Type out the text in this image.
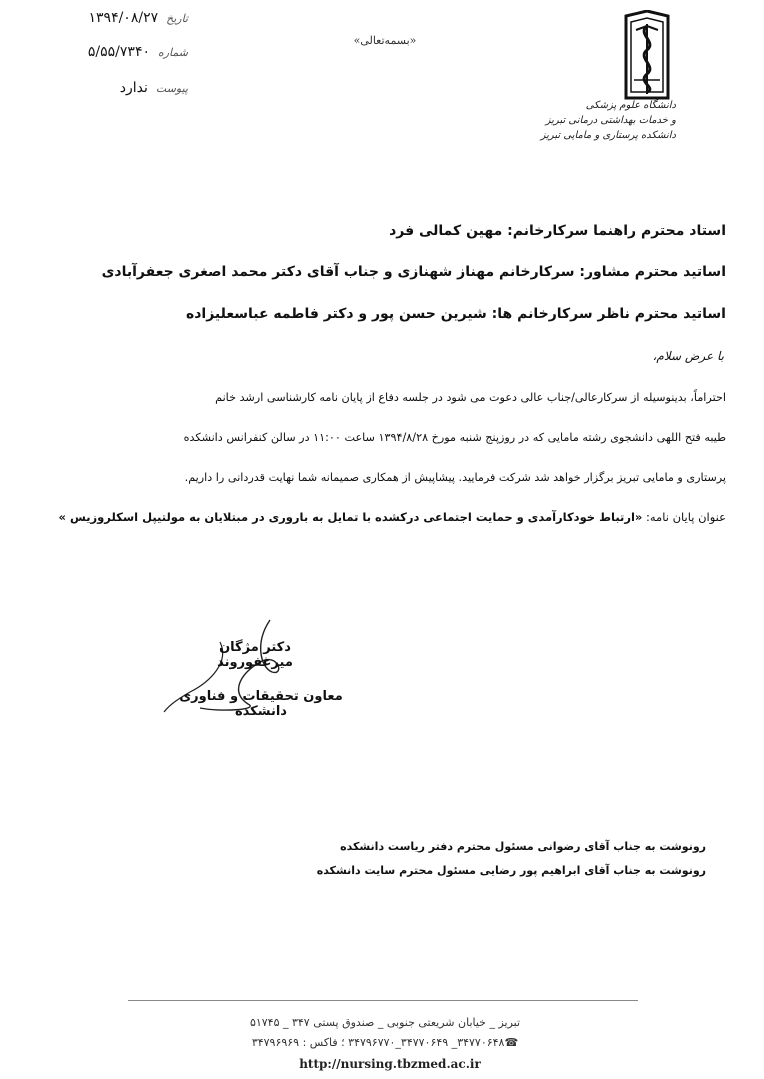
تاریخ
۱۳۹۴/۰۸/۲۷
شماره
۵/۵۵/۷۳۴۰
پیوست
ندارد
«بسمه‌تعالی»
دانشگاه علوم پزشکی
و خدمات بهداشتی درمانی تبریز
دانشکده پرستاری و مامایی تبریز
استاد محترم راهنما سرکارخانم: مهین کمالی فرد
اساتید محترم مشاور: سرکارخانم مهناز شهنازی و جناب آقای دکتر محمد اصغری جعفرآبادی
اساتید محترم ناظر سرکارخانم ها: شیرین حسن پور و دکتر فاطمه عباسعلیزاده
با عرض سلام،
احتراماً، بدینوسیله از سرکارعالی/جناب عالی دعوت می شود در جلسه دفاع از پایان نامه کارشناسی ارشد خانم
طیبه فتح اللهی دانشجوی رشته مامایی که در روزپنج شنبه مورخ ۱۳۹۴/۸/۲۸ ساعت ۱۱:۰۰ در سالن کنفرانس دانشکده
پرستاری و مامایی تبریز برگزار خواهد شد شرکت فرمایید. پیشاپیش از همکاری صمیمانه شما نهایت قدردانی را داریم.
عنوان پایان نامه: «ارتباط خودکارآمدی و حمایت اجتماعی درکشده با تمایل به باروری در مبتلایان به مولتیپل اسکلروزیس »
دکتر مژگان میرغفوروند
معاون تحقیقات و فناوری دانشکده
رونوشت به جناب آقای رضوانی مسئول محترم دفتر ریاست دانشکده
رونوشت به جناب آقای ابراهیم پور رضایی مسئول محترم سایت دانشکده
تبریز _ خیابان شریعتی جنوبی _ صندوق پستی ۳۴۷ _ ۵۱۷۴۵
☎۳۴۷۷۰۶۴۸_ ۳۴۷۷۰۶۴۹_۳۴۷۹۶۷۷۰ ؛ فاکس : ۳۴۷۹۶۹۶۹
http://nursing.tbzmed.ac.ir
